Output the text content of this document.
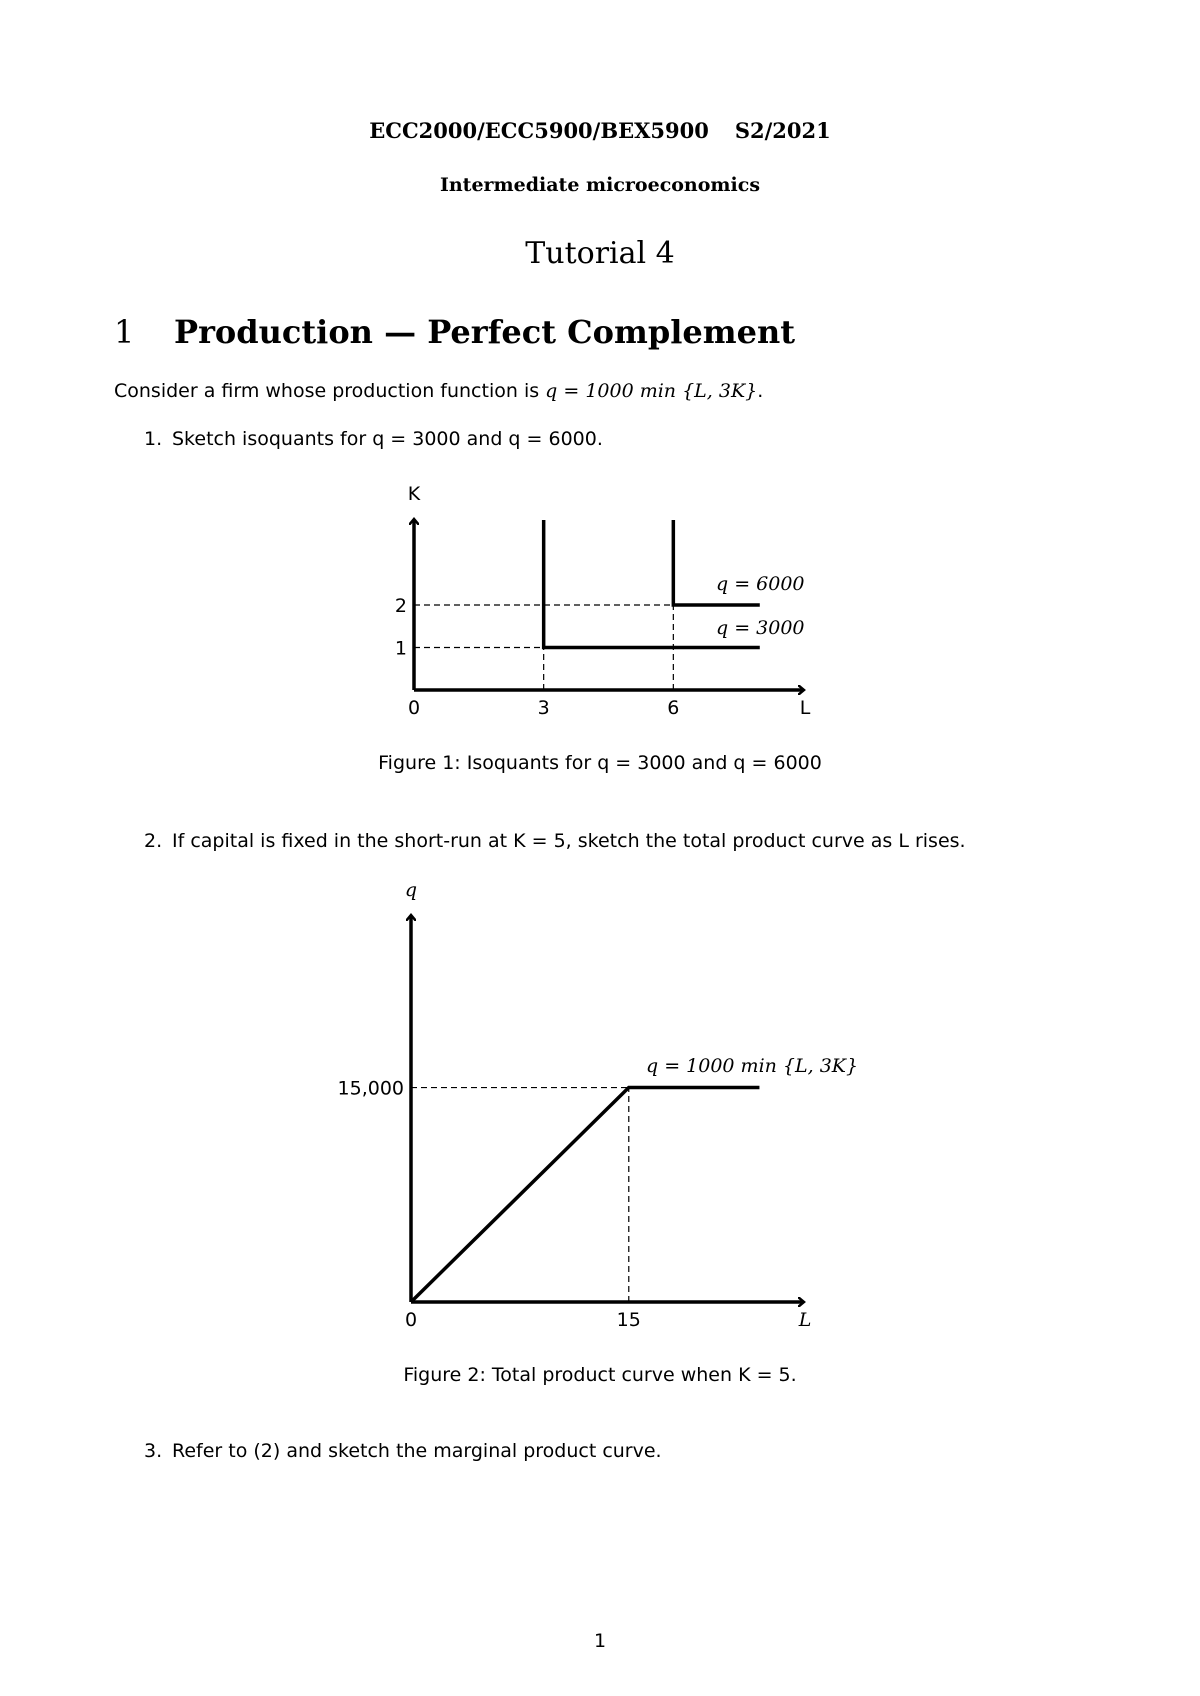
ECC2000/ECC5900/BEX5900 S2/2021
Intermediate microeconomics
Tutorial 4
1 Production — Perfect Complement
Consider a firm whose production function is q = 1000 min {L, 3K}.
1. Sketch isoquants for q = 3000 and q = 6000.
L
K
0	3	6
1
2
q = 3000
q = 6000
L
q
0	15
15,000
q = 1000 min {L, 3K}
Figure 1: Isoquants for q = 3000 and q = 6000
2. If capital is fixed in the short-run at K = 5, sketch the total product curve as L rises.
Figure 2: Total product curve when K = 5.
3. Refer to (2) and sketch the marginal product curve.
1
